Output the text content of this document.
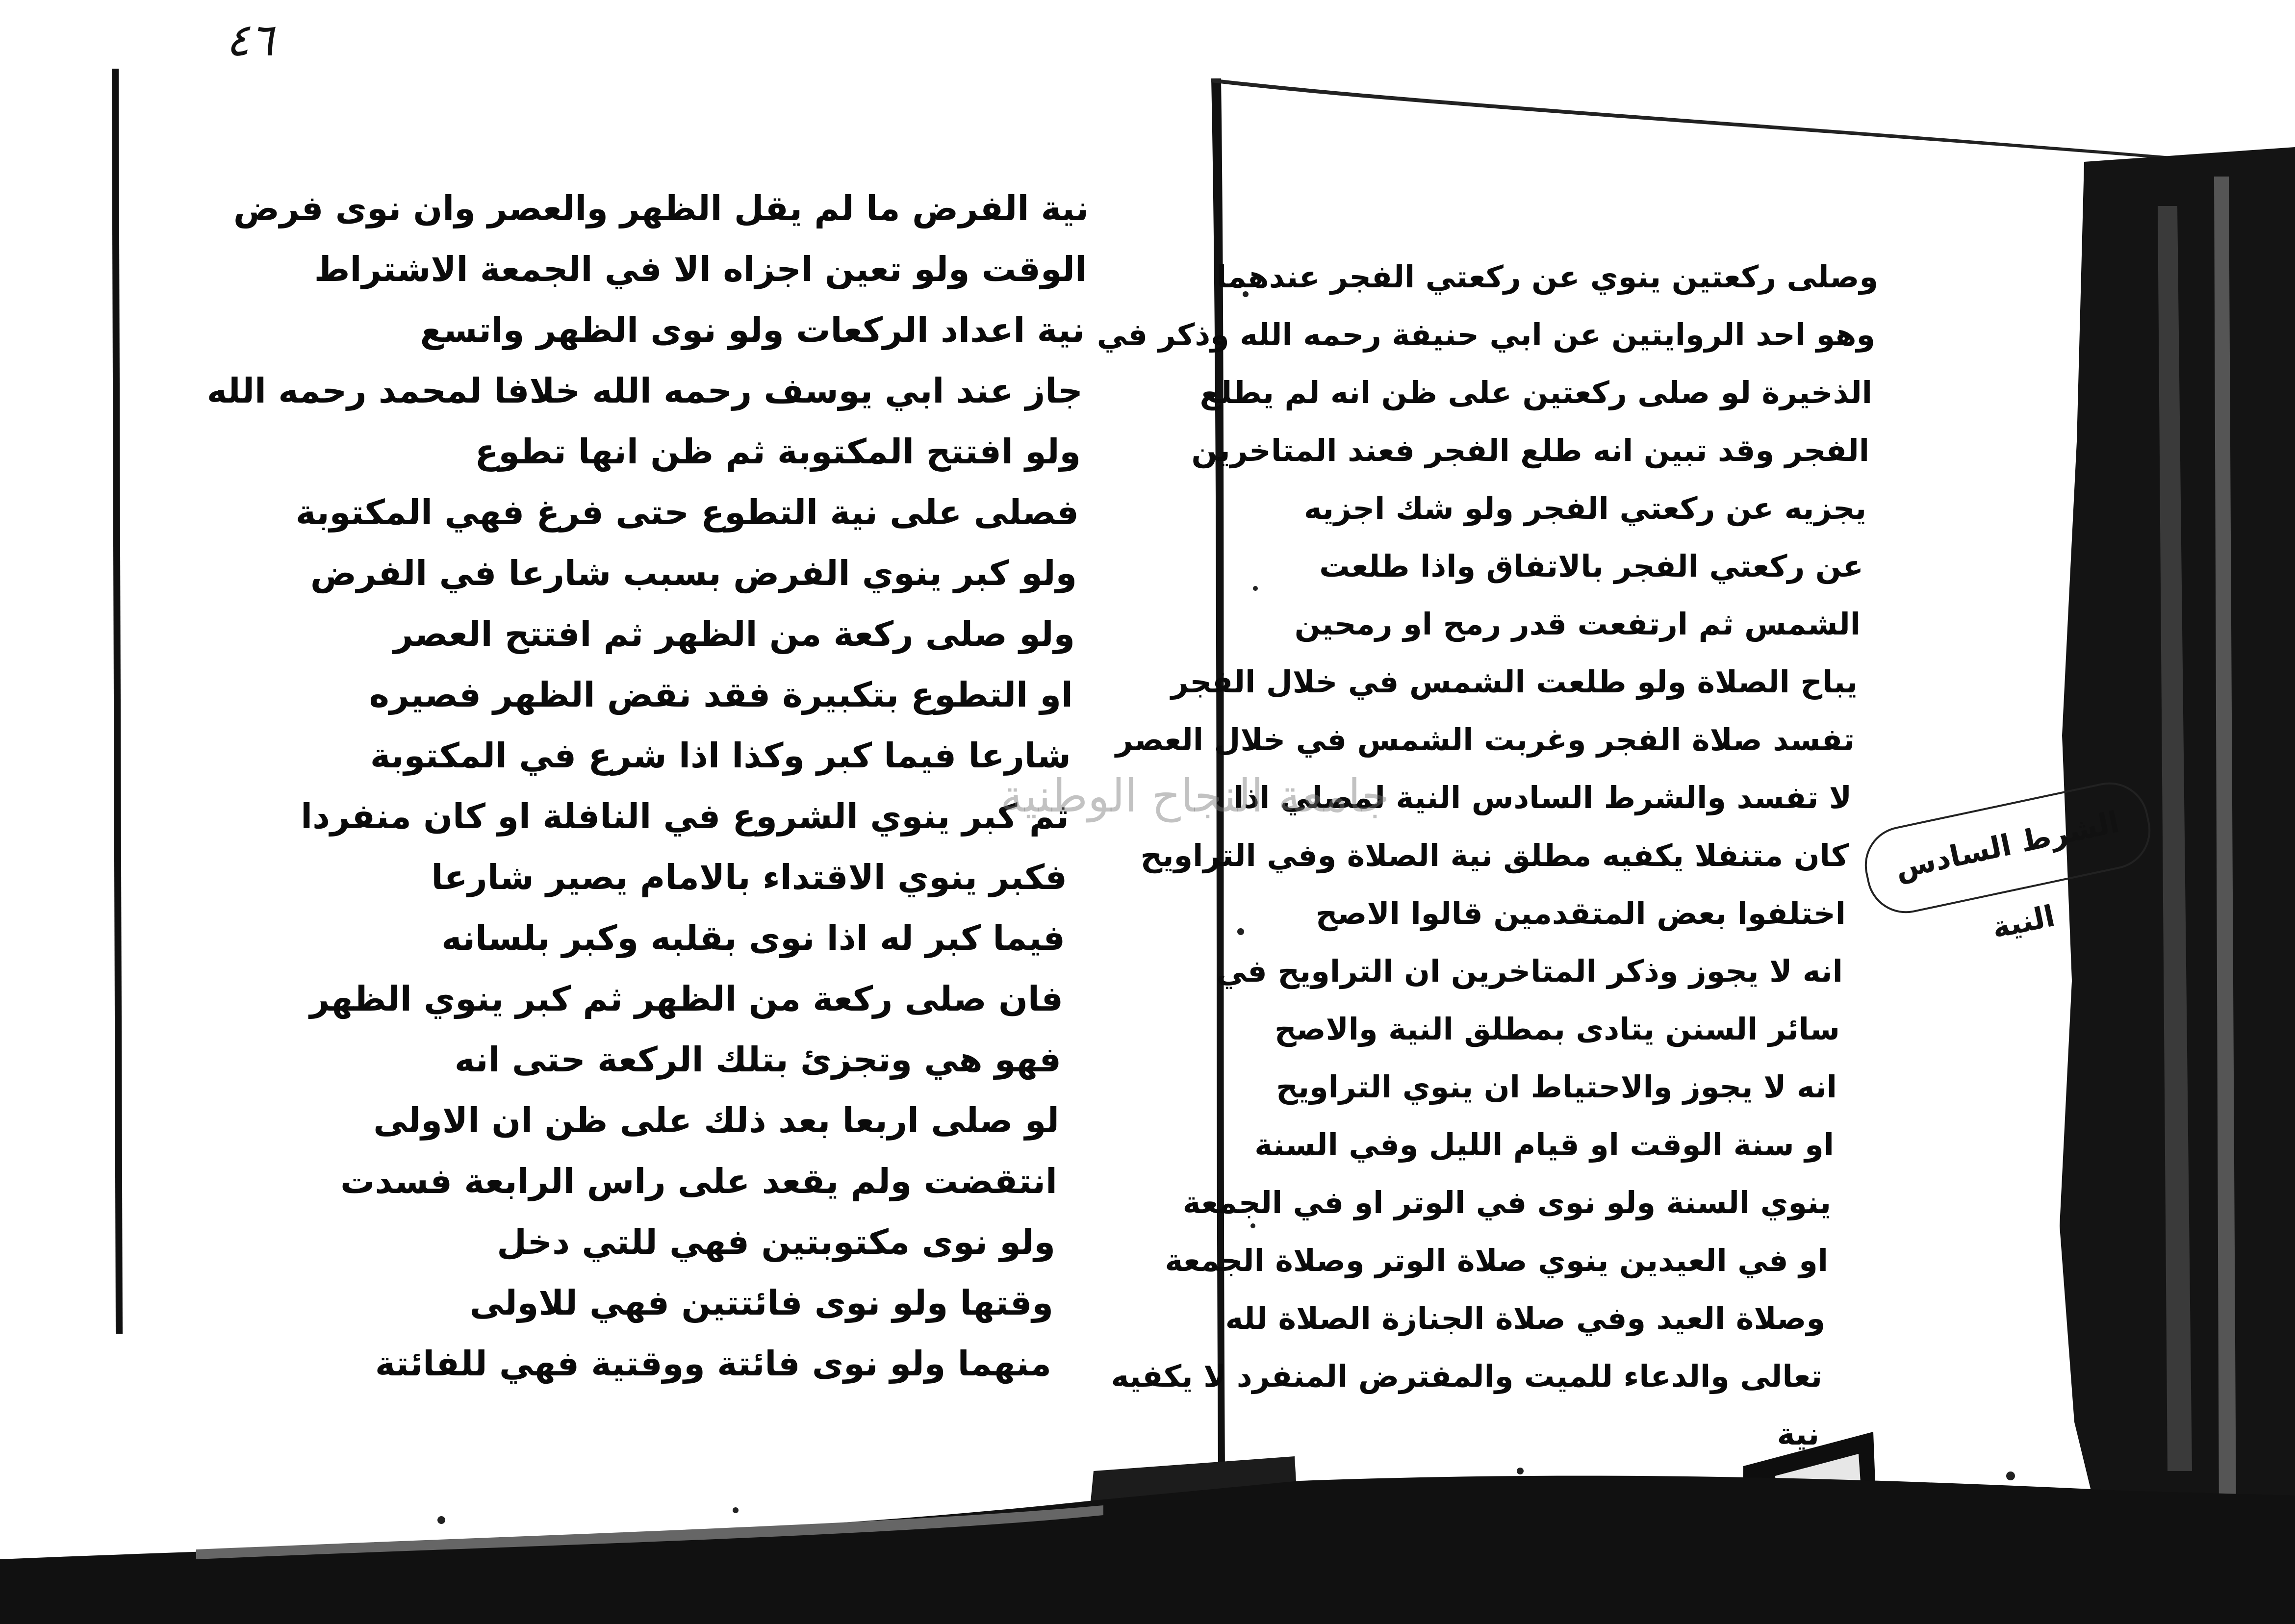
٤٦
نية الفرض ما لم يقل الظهر والعصر وان نوى فرض
الوقت ولو تعين اجزاه الا في الجمعة الاشتراط
نية اعداد الركعات ولو نوى الظهر واتسع
جاز عند ابي يوسف رحمه الله خلافا لمحمد رحمه الله
ولو افتتح المكتوبة ثم ظن انها تطوع
فصلى على نية التطوع حتى فرغ فهي المكتوبة
ولو كبر ينوي الفرض بسبب شارعا في الفرض
ولو صلى ركعة من الظهر ثم افتتح العصر
او التطوع بتكبيرة فقد نقض الظهر فصيره
شارعا فيما كبر وكذا اذا شرع في المكتوبة
ثم كبر ينوي الشروع في النافلة او كان منفردا
فكبر ينوي الاقتداء بالامام يصير شارعا
فيما كبر له اذا نوى بقلبه وكبر بلسانه
فان صلى ركعة من الظهر ثم كبر ينوي الظهر
فهو هي وتجزئ بتلك الركعة حتى انه
لو صلى اربعا بعد ذلك على ظن ان الاولى
انتقضت ولم يقعد على راس الرابعة فسدت
ولو نوى مكتوبتين فهي للتي دخل
وقتها ولو نوى فائتتين فهي للاولى
منهما ولو نوى فائتة ووقتية فهي للفائتة
وصلى ركعتين ينوي عن ركعتي الفجر عندهما
وهو احد الروايتين عن ابي حنيفة رحمه الله وذكر في
الذخيرة لو صلى ركعتين على ظن انه لم يطلع
الفجر وقد تبين انه طلع الفجر فعند المتاخرين
يجزيه عن ركعتي الفجر ولو شك اجزيه
عن ركعتي الفجر بالاتفاق واذا طلعت
الشمس ثم ارتفعت قدر رمح او رمحين
يباح الصلاة ولو طلعت الشمس في خلال الفجر
تفسد صلاة الفجر وغربت الشمس في خلال العصر
لا تفسد والشرط السادس النية لمصلي اذا
كان متنفلا يكفيه مطلق نية الصلاة وفي التراويح
اختلفوا بعض المتقدمين قالوا الاصح
انه لا يجوز وذكر المتاخرين ان التراويح في
سائر السنن يتادى بمطلق النية والاصح
انه لا يجوز والاحتياط ان ينوي التراويح
او سنة الوقت او قيام الليل وفي السنة
ينوي السنة ولو نوى في الوتر او في الجمعة
او في العيدين ينوي صلاة الوتر وصلاة الجمعة
وصلاة العيد وفي صلاة الجنازة الصلاة لله
تعالى والدعاء للميت والمفترض المنفرد لا يكفيه
نية
جامعة النجاح الوطنية
الشرط السادس النية
